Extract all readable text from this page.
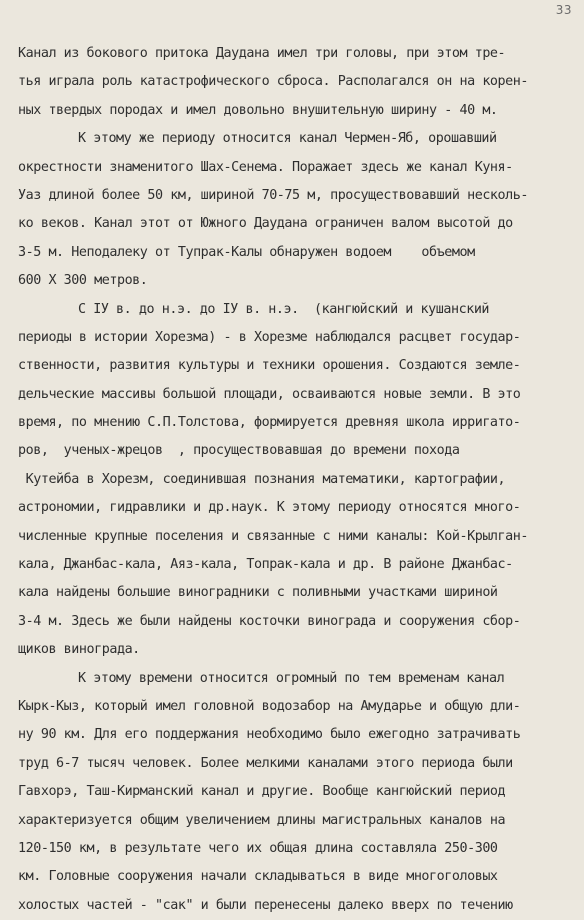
33
Канал из бокового притока Даудана имел три головы, при этом тре-
тья играла роль катастрофического сброса. Располагался он на корен-
ных твердых породах и имел довольно внушительную ширину - 40 м.
К этому же периоду относится канал Чермен-Яб, орошавший
окрестности знаменитого Шах-Сенема. Поражает здесь же канал Куня-
Уаз длиной более 50 км, шириной 70-75 м, просуществовавший несколь-
ко веков. Канал этот от Южного Даудана ограничен валом высотой до
3-5 м. Неподалеку от Тупрак-Калы обнаружен водоем    объемом
600 Х 300 метров.
С IУ в. до н.э. до IУ в. н.э.  (кангюйский и кушанский
периоды в истории Хорезма) - в Хорезме наблюдался расцвет государ-
ственности, развития культуры и техники орошения. Создаются земле-
дельческие массивы большой площади, осваиваются новые земли. В это
время, по мнению С.П.Толстова, формируется древняя школа ирригато-
ров,  ученых-жрецов  , просуществовавшая до времени похода
Кутейба в Хорезм, соединившая познания математики, картографии,
астрономии, гидравлики и др.наук. К этому периоду относятся много-
численные крупные поселения и связанные с ними каналы: Кой-Крылган-
кала, Джанбас-кала, Аяз-кала, Топрак-кала и др. В районе Джанбас-
кала найдены большие виноградники с поливными участками шириной
3-4 м. Здесь же были найдены косточки винограда и сооружения сбор-
щиков винограда.
К этому времени относится огромный по тем временам канал
Кырк-Кыз, который имел головной водозабор на Амударье и общую дли-
ну 90 км. Для его поддержания необходимо было ежегодно затрачивать
труд 6-7 тысяч человек. Более мелкими каналами этого периода были
Гавхорэ, Таш-Кирманский канал и другие. Вообще кангюйский период
характеризуется общим увеличением длины магистральных каналов на
120-150 км, в результате чего их общая длина составляла 250-300
км. Головные сооружения начали складываться в виде многоголовых
холостых частей - "сак" и были перенесены далеко вверх по течению
